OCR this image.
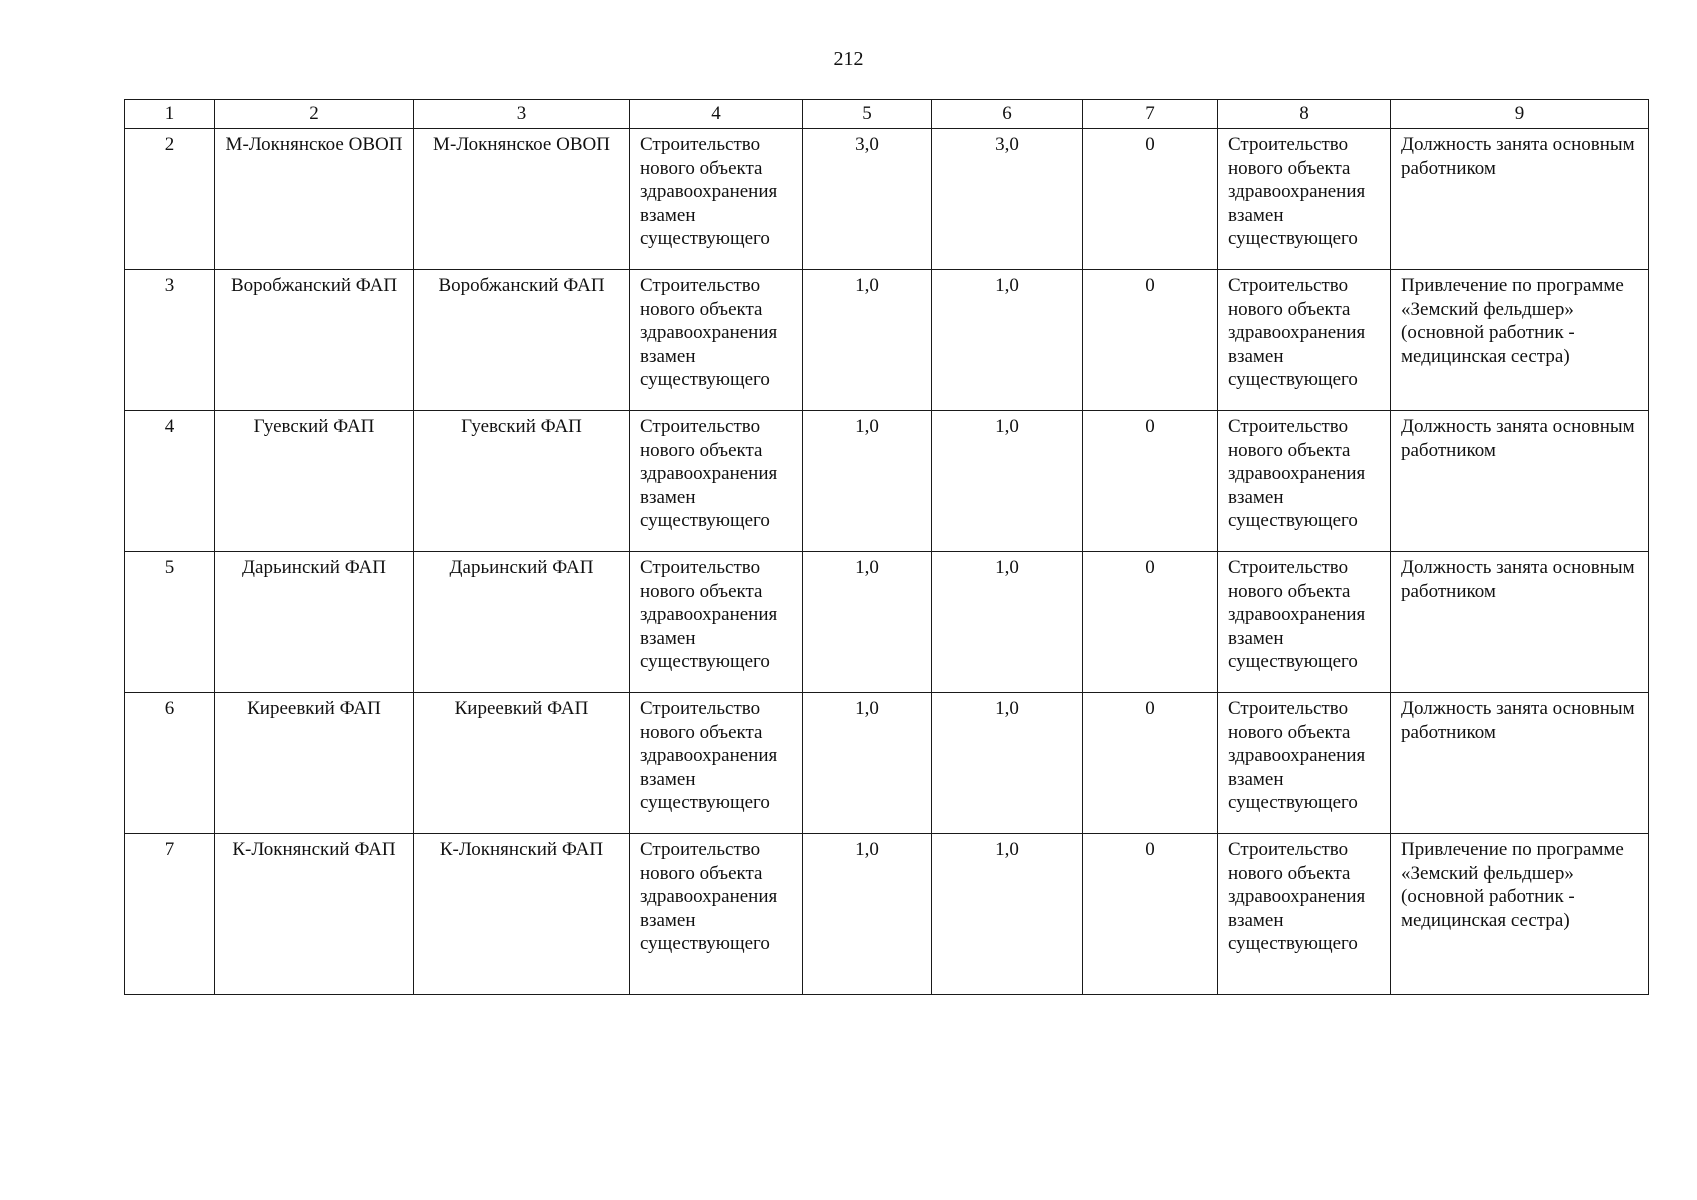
212
1	2	3	4	5	6	7	8	9
2	М-Локнянское ОВОП	М-Локнянское ОВОП	Строительство нового объекта здравоохранения взамен существующего	3,0	3,0	0	Строительство нового объекта здравоохранения взамен существующего	Должность занята основным работником
3	Воробжанский ФАП	Воробжанский ФАП	Строительство нового объекта здравоохранения взамен существующего	1,0	1,0	0	Строительство нового объекта здравоохранения взамен существующего	Привлечение по программе «Земский фельдшер» (основной работник - медицинская сестра)
4	Гуевский ФАП	Гуевский ФАП	Строительство нового объекта здравоохранения взамен существующего	1,0	1,0	0	Строительство нового объекта здравоохранения взамен существующего	Должность занята основным работником
5	Дарьинский ФАП	Дарьинский ФАП	Строительство нового объекта здравоохранения взамен существующего	1,0	1,0	0	Строительство нового объекта здравоохранения взамен существующего	Должность занята основным работником
6	Киреевкий ФАП	Киреевкий ФАП	Строительство нового объекта здравоохранения взамен существующего	1,0	1,0	0	Строительство нового объекта здравоохранения взамен существующего	Должность занята основным работником
7	К-Локнянский ФАП	К-Локнянский ФАП	Строительство нового объекта здравоохранения взамен существующего	1,0	1,0	0	Строительство нового объекта здравоохранения взамен существующего	Привлечение по программе «Земский фельдшер» (основной работник - медицинская сестра)
